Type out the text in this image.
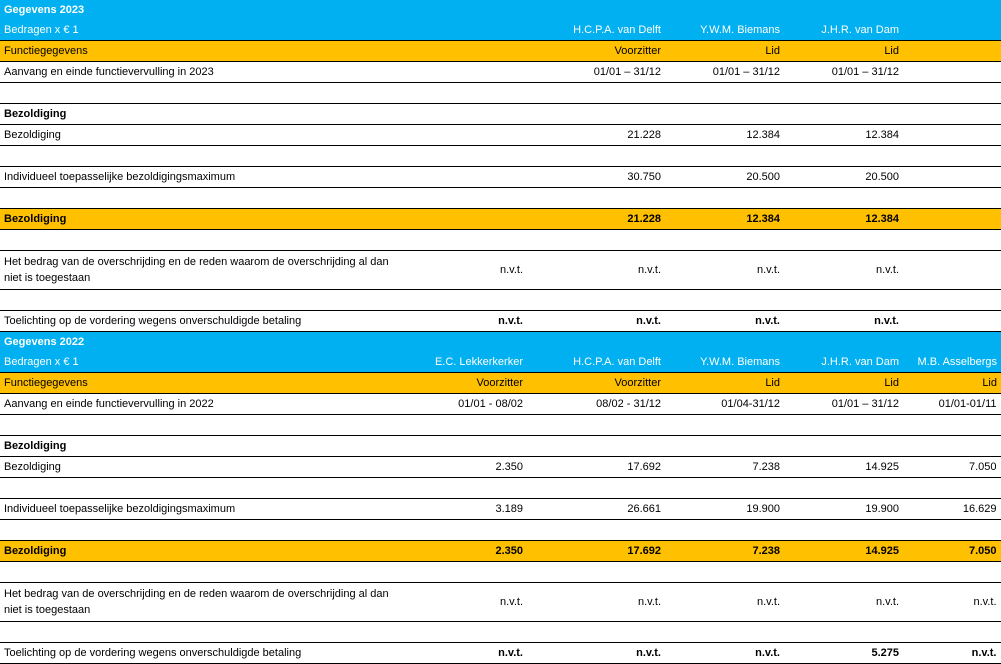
Gegevens 2023					
Bedragen x € 1		H.C.P.A. van Delft	Y.W.M. Biemans	J.H.R. van Dam	
Functiegegevens		Voorzitter	Lid	Lid	
Aanvang en einde functievervulling in 2023		01/01 – 31/12	01/01 – 31/12	01/01 – 31/12	

Bezoldiging					
Bezoldiging		21.228	12.384	12.384	

Individueel toepasselijke bezoldigingsmaximum		30.750	20.500	20.500	

Bezoldiging		21.228	12.384	12.384	

Het bedrag van de overschrijding en de reden waarom de overschrijding al dan niet is toegestaan	n.v.t.	n.v.t.	n.v.t.	n.v.t.	

Toelichting op de vordering wegens onverschuldigde betaling	n.v.t.	n.v.t.	n.v.t.	n.v.t.	
Gegevens 2022					
Bedragen x € 1	E.C. Lekkerkerker	H.C.P.A. van Delft	Y.W.M. Biemans	J.H.R. van Dam	M.B. Asselbergs
Functiegegevens	Voorzitter	Voorzitter	Lid	Lid	Lid
Aanvang en einde functievervulling in 2022	01/01 - 08/02	08/02 - 31/12	01/04-31/12	01/01 – 31/12	01/01-01/11

Bezoldiging					
Bezoldiging	2.350	17.692	7.238	14.925	7.050

Individueel toepasselijke bezoldigingsmaximum	3.189	26.661	19.900	19.900	16.629

Bezoldiging	2.350	17.692	7.238	14.925	7.050

Het bedrag van de overschrijding en de reden waarom de overschrijding al dan niet is toegestaan	n.v.t.	n.v.t.	n.v.t.	n.v.t.	n.v.t.

Toelichting op de vordering wegens onverschuldigde betaling	n.v.t.	n.v.t.	n.v.t.	5.275	n.v.t.
